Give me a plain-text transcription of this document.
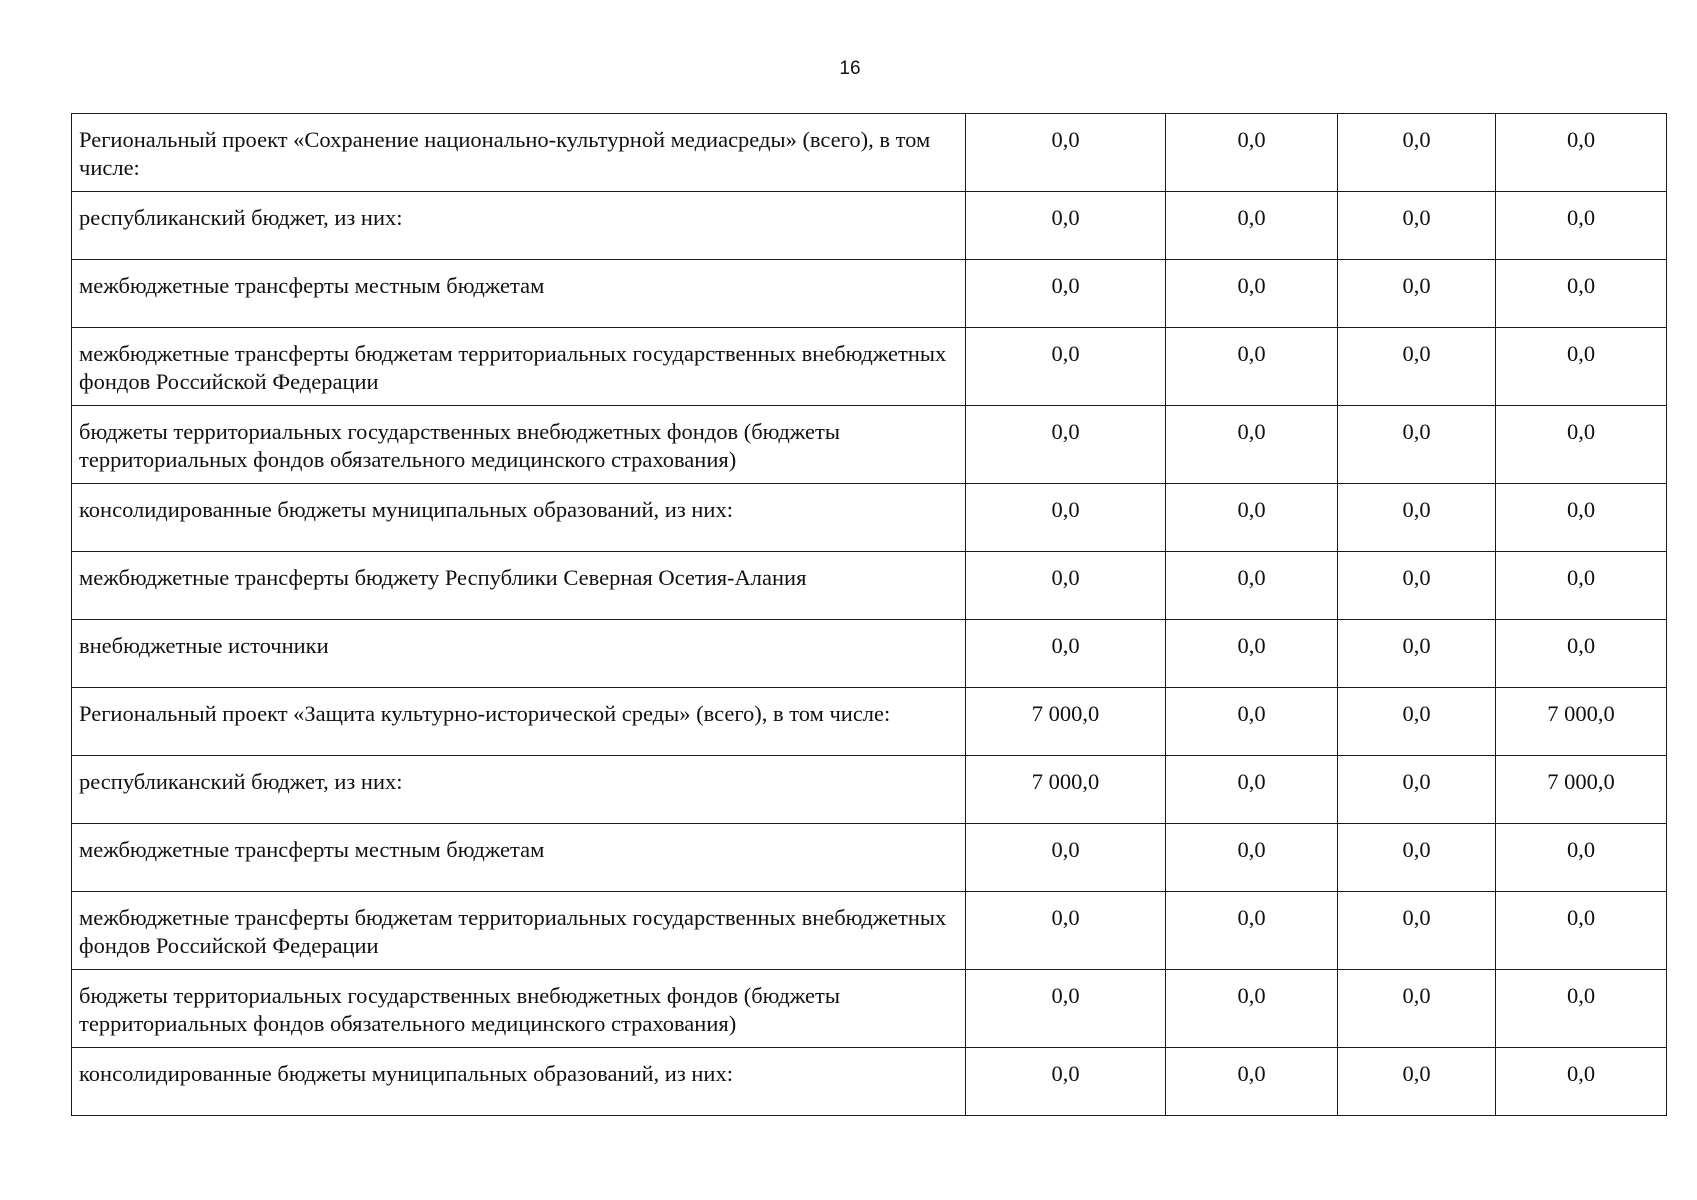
16
Региональный проект «Сохранение национально-культурной медиасреды» (всего), в том числе:	0,0	0,0	0,0	0,0
республиканский бюджет, из них:	0,0	0,0	0,0	0,0
межбюджетные трансферты местным бюджетам	0,0	0,0	0,0	0,0
межбюджетные трансферты бюджетам территориальных государственных внебюджетных фондов Российской Федерации	0,0	0,0	0,0	0,0
бюджеты территориальных государственных внебюджетных фондов (бюджеты территориальных фондов обязательного медицинского страхования)	0,0	0,0	0,0	0,0
консолидированные бюджеты муниципальных образований, из них:	0,0	0,0	0,0	0,0
межбюджетные трансферты бюджету Республики Северная Осетия-Алания	0,0	0,0	0,0	0,0
внебюджетные источники	0,0	0,0	0,0	0,0
Региональный проект «Защита культурно-исторической среды» (всего), в том числе:	7 000,0	0,0	0,0	7 000,0
республиканский бюджет, из них:	7 000,0	0,0	0,0	7 000,0
межбюджетные трансферты местным бюджетам	0,0	0,0	0,0	0,0
межбюджетные трансферты бюджетам территориальных государственных внебюджетных фондов Российской Федерации	0,0	0,0	0,0	0,0
бюджеты территориальных государственных внебюджетных фондов (бюджеты территориальных фондов обязательного медицинского страхования)	0,0	0,0	0,0	0,0
консолидированные бюджеты муниципальных образований, из них:	0,0	0,0	0,0	0,0
